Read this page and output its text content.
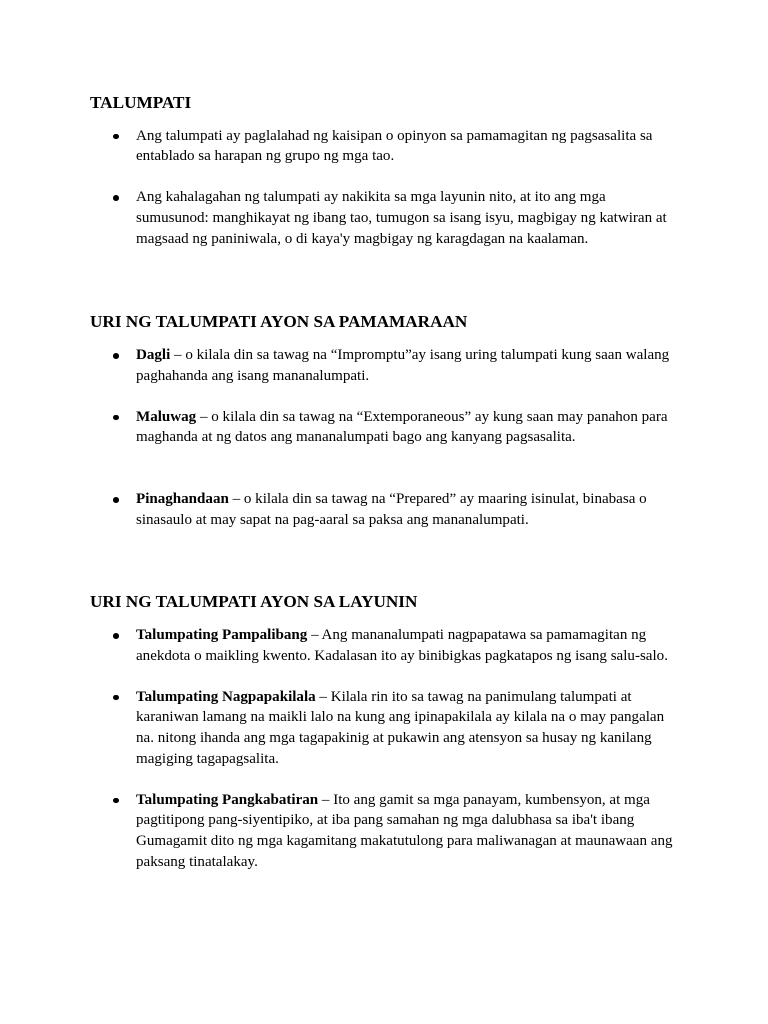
TALUMPATI
Ang talumpati ay paglalahad ng kaisipan o opinyon sa pamamagitan ng pagsasalita sa
entablado sa harapan ng grupo ng mga tao.
Ang kahalagahan ng talumpati ay nakikita sa mga layunin nito, at ito ang mga
sumusunod: manghikayat ng ibang tao, tumugon sa isang isyu, magbigay ng katwiran at
magsaad ng paniniwala, o di kaya'y magbigay ng karagdagan na kaalaman.
URI NG TALUMPATI AYON SA PAMAMARAAN
Dagli – o kilala din sa tawag na “Impromptu”ay isang uring talumpati kung saan walang
paghahanda ang isang mananalumpati.
Maluwag – o kilala din sa tawag na “Extemporaneous” ay kung saan may panahon para
maghanda at ng datos ang mananalumpati bago ang kanyang pagsasalita.
Pinaghandaan – o kilala din sa tawag na “Prepared” ay maaring isinulat, binabasa o
sinasaulo at may sapat na pag-aaral sa paksa ang mananalumpati.
URI NG TALUMPATI AYON SA LAYUNIN
Talumpating Pampalibang – Ang mananalumpati nagpapatawa sa pamamagitan ng
anekdota o maikling kwento. Kadalasan ito ay binibigkas pagkatapos ng isang salu-salo.
Talumpating Nagpapakilala – Kilala rin ito sa tawag na panimulang talumpati at
karaniwan lamang na maikli lalo na kung ang ipinapakilala ay kilala na o may pangalan
na. nitong ihanda ang mga tagapakinig at pukawin ang atensyon sa husay ng kanilang
magiging tagapagsalita.
Talumpating Pangkabatiran – Ito ang gamit sa mga panayam, kumbensyon, at mga
pagtitipong pang-siyentipiko, at iba pang samahan ng mga dalubhasa sa iba't ibang
Gumagamit dito ng mga kagamitang makatutulong para maliwanagan at maunawaan ang
paksang tinatalakay.
